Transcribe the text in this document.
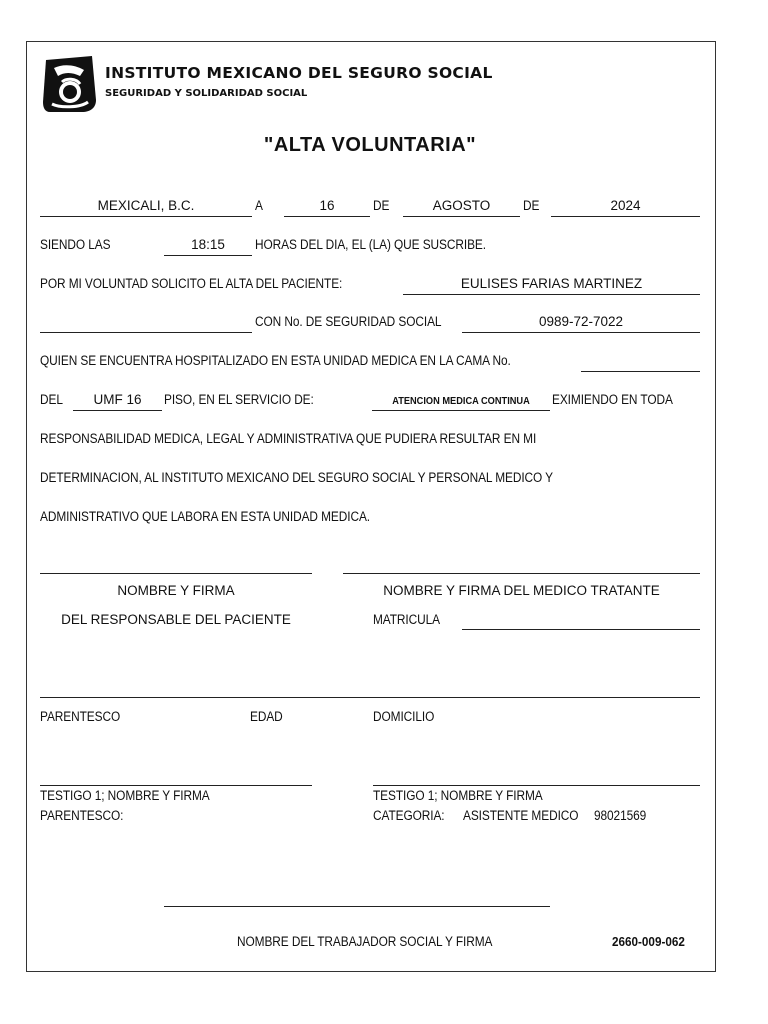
INSTITUTO MEXICANO DEL SEGURO SOCIAL
SEGURIDAD Y SOLIDARIDAD SOCIAL
"ALTA VOLUNTARIA"
MEXICALI, B.C.	A	16	DE	AGOSTO	DE	2024
SIENDO LAS	18:15	HORAS DEL DIA, EL (LA) QUE SUSCRIBE.
POR MI VOLUNTAD SOLICITO EL ALTA DEL PACIENTE:	EULISES FARIAS MARTINEZ
CON No. DE SEGURIDAD SOCIAL	0989-72-7022
QUIEN SE ENCUENTRA HOSPITALIZADO EN ESTA UNIDAD MEDICA EN LA CAMA No.
DEL	UMF 16	PISO, EN EL SERVICIO DE:	ATENCION MEDICA CONTINUA	EXIMIENDO EN TODA
RESPONSABILIDAD MEDICA, LEGAL Y ADMINISTRATIVA QUE PUDIERA RESULTAR EN MI
DETERMINACION, AL INSTITUTO MEXICANO DEL SEGURO SOCIAL Y PERSONAL MEDICO Y
ADMINISTRATIVO QUE LABORA EN ESTA UNIDAD MEDICA.
NOMBRE Y FIRMA	NOMBRE Y FIRMA DEL MEDICO TRATANTE
DEL RESPONSABLE DEL PACIENTE	MATRICULA
PARENTESCO	EDAD	DOMICILIO
TESTIGO 1; NOMBRE Y FIRMA
PARENTESCO:
TESTIGO 1; NOMBRE Y FIRMA
CATEGORIA: ASISTENTE MEDICO 98021569
NOMBRE DEL TRABAJADOR SOCIAL Y FIRMA	2660-009-062
